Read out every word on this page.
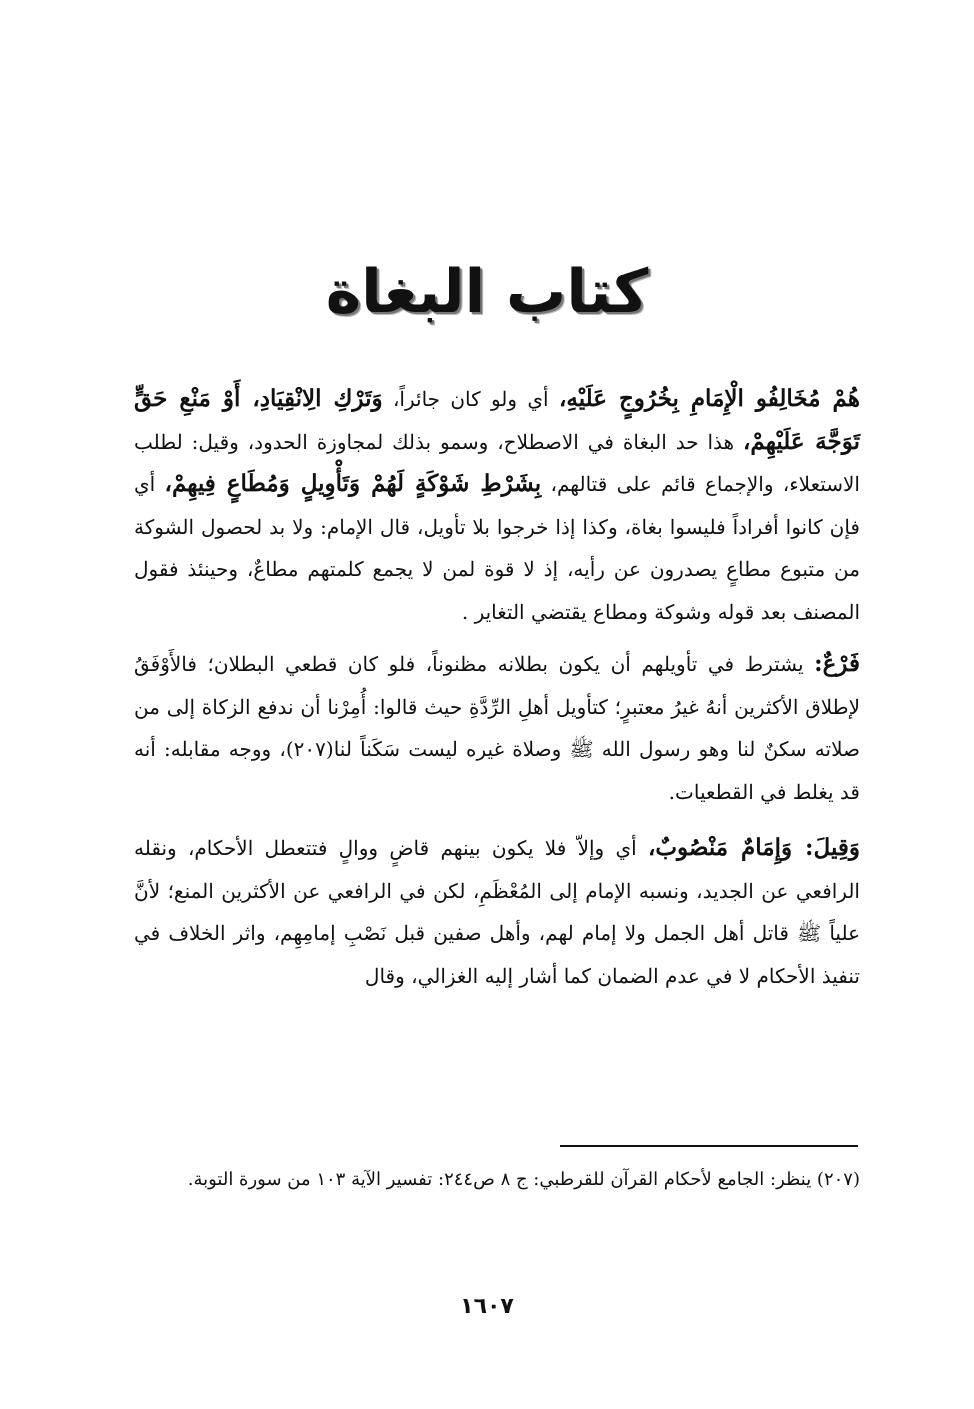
كتاب البغاة

هُمْ مُخَالِفُو الْإِمَامِ بِخُرُوجٍ عَلَيْهِ، أي ولو كان جائراً، وَتَرْكِ الِانْقِيَادِ، أَوْ مَنْعِ حَقٍّ تَوَجَّهَ عَلَيْهِمْ، هذا حد البغاة في الاصطلاح، وسمو بذلك لمجاوزة الحدود، وقيل: لطلب الاستعلاء، والإجماع قائم على قتالهم، بِشَرْطِ شَوْكَةٍ لَهُمْ وَتَأْوِيلٍ وَمُطَاعٍ فِيهِمْ، أي فإن كانوا أفراداً فليسوا بغاة، وكذا إذا خرجوا بلا تأويل، قال الإمام: ولا بد لحصول الشوكة من متبوع مطاعٍ يصدرون عن رأيه، إذ لا قوة لمن لا يجمع كلمتهم مطاعٌ، وحينئذ فقول المصنف بعد قوله وشوكة ومطاع يقتضي التغاير .

فَرْعٌ: يشترط في تأويلهم أن يكون بطلانه مظنوناً، فلو كان قطعي البطلان؛ فالأَوْفَقُ لإطلاق الأكثرين أنهُ غيرُ معتبرٍ؛ كتأويل أهلِ الرِّدَّةِ حيث قالوا: أُمِرْنا أن ندفع الزكاة إلى من صلاته سكنٌ لنا وهو رسول الله ﷺ وصلاة غيره ليست سَكَناً لنا(٢٠٧)، ووجه مقابله: أنه قد يغلط في القطعيات.

وَقِيلَ: وَإِمَامٌ مَنْصُوبٌ، أي وإلاّ فلا يكون بينهم قاضٍ ووالٍ فتتعطل الأحكام، ونقله الرافعي عن الجديد، ونسبه الإمام إلى المُعْظَمِ، لكن في الرافعي عن الأكثرين المنع؛ لأنَّ علياً ﷺ قاتل أهل الجمل ولا إمام لهم، وأهل صفين قبل نَصْبِ إمامِهِم، واثر الخلاف في تنفيذ الأحكام لا في عدم الضمان كما أشار إليه الغزالي، وقال

(٢٠٧) ينظر: الجامع لأحكام القرآن للقرطبي: ج ٨ ص٢٤٤: تفسير الآية ١٠٣ من سورة التوبة.
١٦٠٧
